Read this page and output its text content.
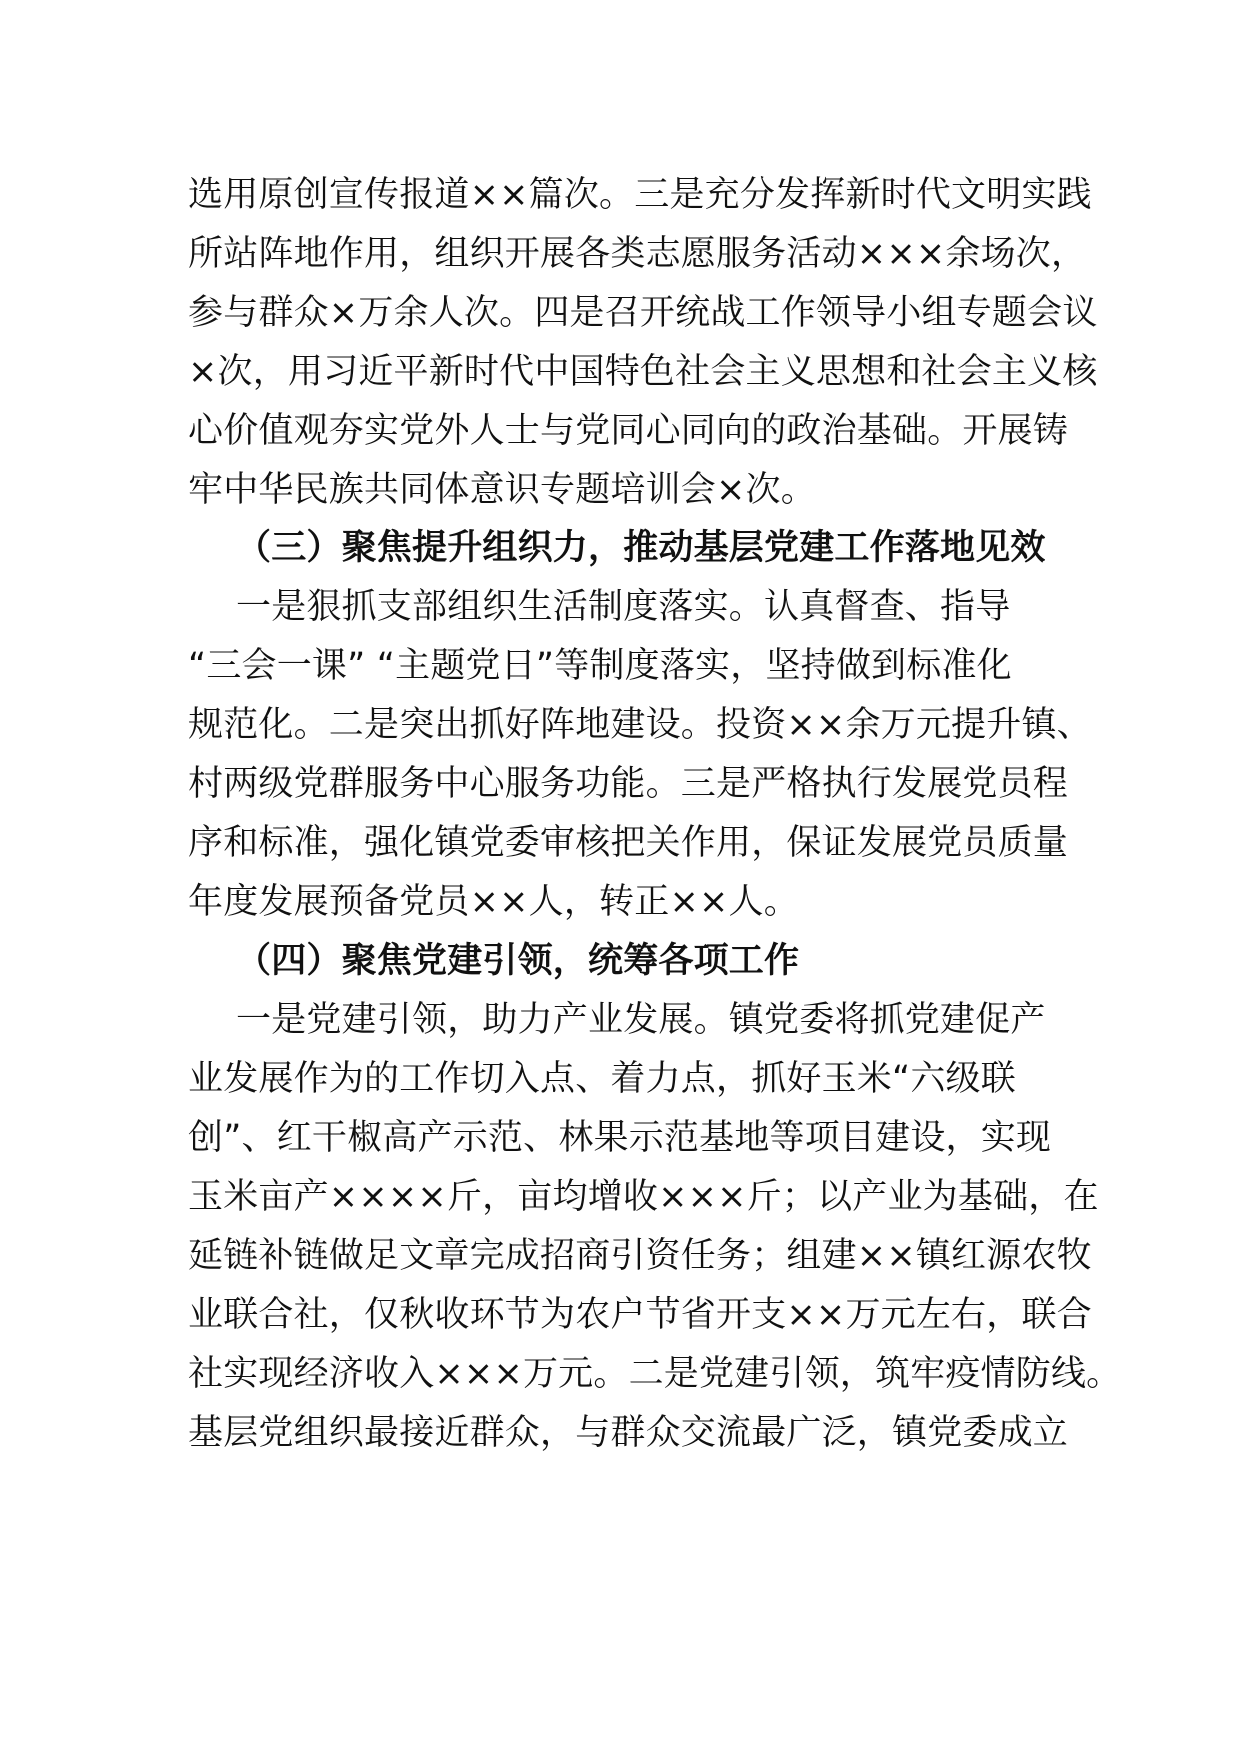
选用原创宣传报道××篇次。三是充分发挥新时代文明实践
所站阵地作用，组织开展各类志愿服务活动×××余场次，
参与群众×万余人次。四是召开统战工作领导小组专题会议
×次，用习近平新时代中国特色社会主义思想和社会主义核
心价值观夯实党外人士与党同心同向的政治基础。开展铸
牢中华民族共同体意识专题培训会×次。
（三）聚焦提升组织力，推动基层党建工作落地见效
一是狠抓支部组织生活制度落实。认真督查、指导
“三会一课” “主题党日”等制度落实，坚持做到标准化
规范化。二是突出抓好阵地建设。投资××余万元提升镇、
村两级党群服务中心服务功能。三是严格执行发展党员程
序和标准，强化镇党委审核把关作用，保证发展党员质量
年度发展预备党员××人，转正××人。
（四）聚焦党建引领，统筹各项工作
一是党建引领，助力产业发展。镇党委将抓党建促产
业发展作为的工作切入点、着力点，抓好玉米“六级联
创”、红干椒高产示范、林果示范基地等项目建设，实现
玉米亩产××××斤，亩均增收×××斤；以产业为基础，在
延链补链做足文章完成招商引资任务；组建××镇红源农牧
业联合社，仅秋收环节为农户节省开支××万元左右，联合
社实现经济收入×××万元。二是党建引领，筑牢疫情防线。
基层党组织最接近群众，与群众交流最广泛，镇党委成立
